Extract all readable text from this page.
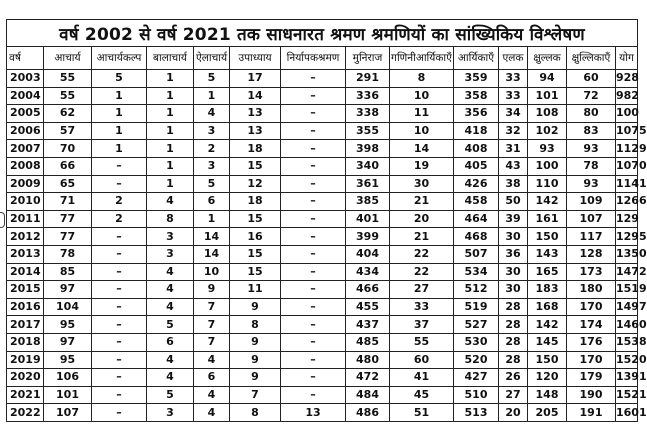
वर्ष 2002 से वर्ष 2021 तक साधनारत श्रमण श्रमणियों का सांख्यिकिय विश्लेषण													
वर्ष	आचार्य	आचार्यकल्प	बालाचार्य	ऐलाचार्य	उपाध्याय	निर्यापकश्रमण	मुनिराज	गणिनीआर्यिकाएँ	आर्यिकाएँ	एलक	क्षुल्लक	क्षुल्लिकाएँ	योग
2003	55	5	1	5	17	–	291	8	359	33	94	60	928
2004	55	1	1	1	14	–	336	10	358	33	101	72	982
2005	62	1	1	4	13	–	338	11	356	34	108	80	100
2006	57	1	1	3	13	–	355	10	418	32	102	83	1075
2007	70	1	1	2	18	–	398	14	408	31	93	93	1129
2008	66	–	1	3	15	–	340	19	405	43	100	78	1070
2009	65	–	1	5	12	–	361	30	426	38	110	93	1141
2010	71	2	4	6	18	–	385	21	458	50	142	109	1266
2011	77	2	8	1	15	–	401	20	464	39	161	107	129
2012	77	–	3	14	16	–	399	21	468	30	150	117	1295
2013	78	–	3	14	15	–	404	22	507	36	143	128	1350
2014	85	–	4	10	15	–	434	22	534	30	165	173	1472
2015	97	–	4	9	11	–	466	27	512	30	183	180	1519
2016	104	–	4	7	9	–	455	33	519	28	168	170	1497
2017	95	–	5	7	8	–	437	37	527	28	142	174	1460
2018	97	–	6	7	9	–	485	55	530	28	145	176	1538
2019	95	–	4	4	9	–	480	60	520	28	150	170	1520
2020	106	–	4	6	9	–	472	41	427	26	120	179	1391
2021	101	–	5	4	7	–	484	45	510	27	148	190	1521
2022	107	–	3	4	8	13	486	51	513	20	205	191	1601
